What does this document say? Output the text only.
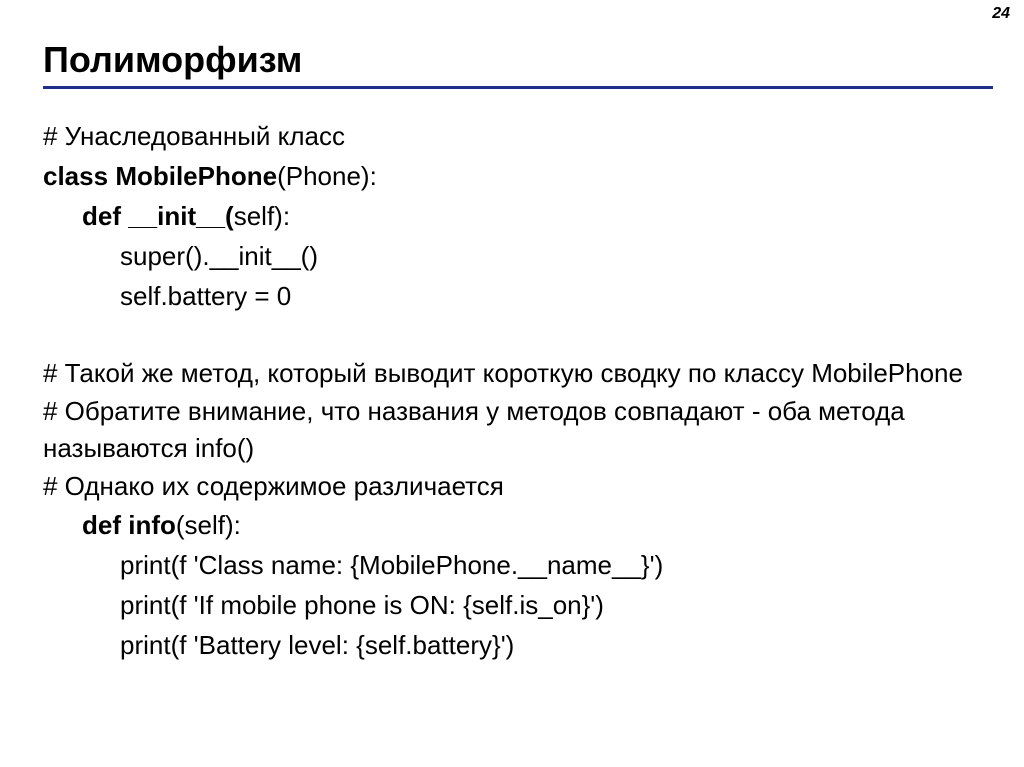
24
Полиморфизм
# Унаследованный класс
class MobilePhone(Phone):
def __init__(self):
super().__init__()
self.battery = 0
# Такой же метод, который выводит короткую сводку по классу MobilePhone
# Обратите внимание, что названия у методов совпадают - оба метода называются info()
# Однако их содержимое различается
def info(self):
print(f 'Class name: {MobilePhone.__name__}')
print(f 'If mobile phone is ON: {self.is_on}')
print(f 'Battery level: {self.battery}')
